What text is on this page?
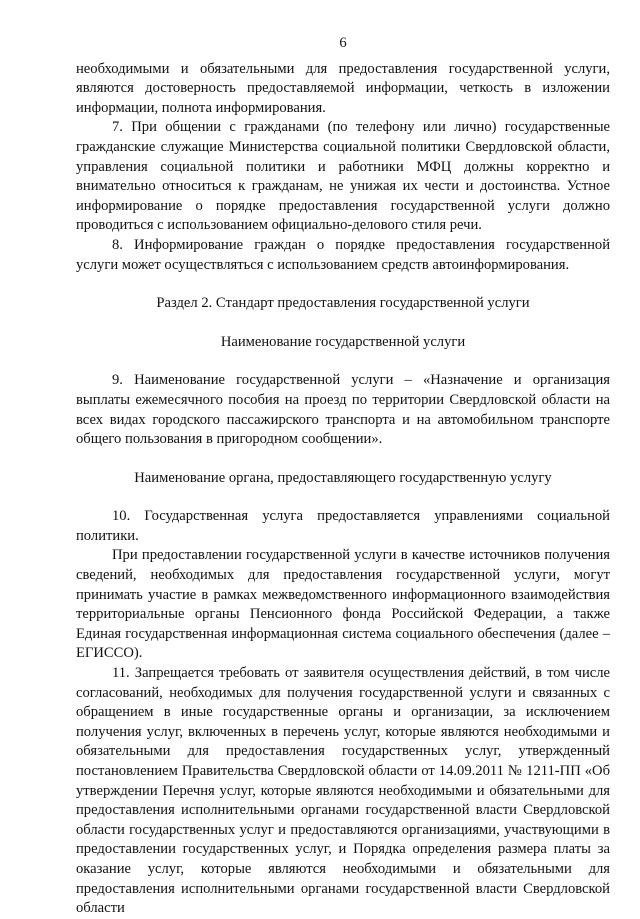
6

необходимыми и обязательными для предоставления государственной услуги, являются достоверность предоставляемой информации, четкость в изложении информации, полнота информирования.

7. При общении с гражданами (по телефону или лично) государственные гражданские служащие Министерства социальной политики Свердловской области, управления социальной политики и работники МФЦ должны корректно и внимательно относиться к гражданам, не унижая их чести и достоинства. Устное информирование о порядке предоставления государственной услуги должно проводиться с использованием официально-делового стиля речи.

8. Информирование граждан о порядке предоставления государственной услуги может осуществляться с использованием средств автоинформирования.

Раздел 2. Стандарт предоставления государственной услуги

Наименование государственной услуги

9. Наименование государственной услуги – «Назначение и организация выплаты ежемесячного пособия на проезд по территории Свердловской области на всех видах городского пассажирского транспорта и на автомобильном транспорте общего пользования в пригородном сообщении».

Наименование органа, предоставляющего государственную услугу

10. Государственная услуга предоставляется управлениями социальной политики.

При предоставлении государственной услуги в качестве источников получения сведений, необходимых для предоставления государственной услуги, могут принимать участие в рамках межведомственного информационного взаимодействия территориальные органы Пенсионного фонда Российской Федерации, а также Единая государственная информационная система социального обеспечения (далее – ЕГИССО).

11. Запрещается требовать от заявителя осуществления действий, в том числе согласований, необходимых для получения государственной услуги и связанных с обращением в иные государственные органы и организации, за исключением получения услуг, включенных в перечень услуг, которые являются необходимыми и обязательными для предоставления государственных услуг, утвержденный постановлением Правительства Свердловской области от 14.09.2011 № 1211-ПП «Об утверждении Перечня услуг, которые являются необходимыми и обязательными для предоставления исполнительными органами государственной власти Свердловской области государственных услуг и предоставляются организациями, участвующими в предоставлении государственных услуг, и Порядка определения размера платы за оказание услуг, которые являются необходимыми и обязательными для предоставления исполнительными органами государственной власти Свердловской области
